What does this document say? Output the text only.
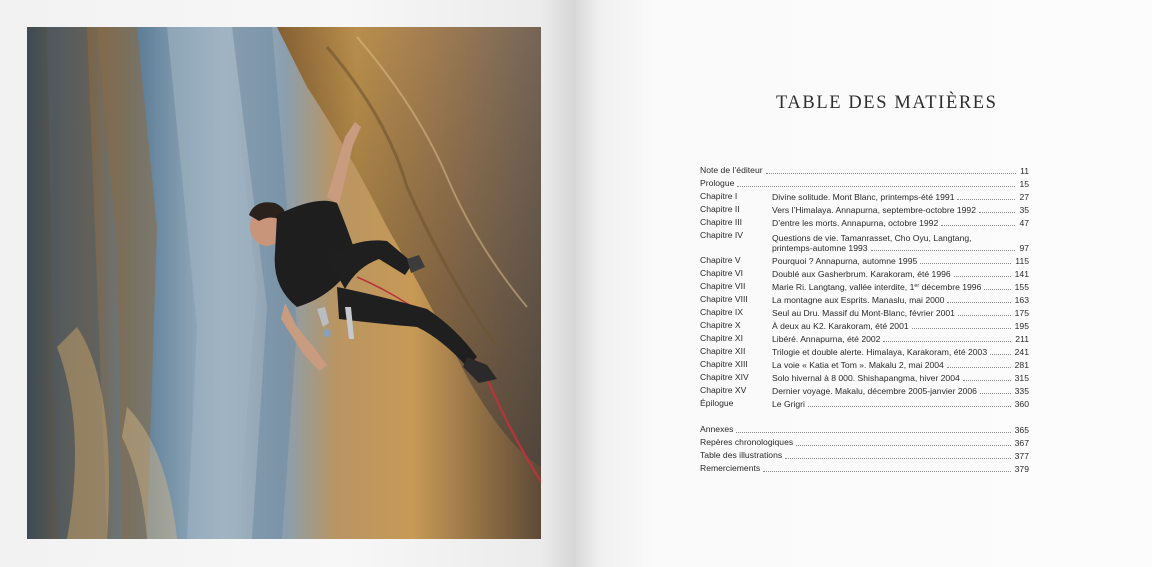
TABLE DES MATIÈRES
Note de l’éditeur	11
Prologue	15
Chapitre I	Divine solitude. Mont Blanc, printemps-été 1991	27
Chapitre II	Vers l’Himalaya. Annapurna, septembre-octobre 1992	35
Chapitre III	D’entre les morts. Annapurna, octobre 1992	47
Chapitre IV	Questions de vie. Tamanrasset, Cho Oyu, Langtang,
printemps-automne 1993	97
Chapitre V	Pourquoi ? Annapurna, automne 1995	115
Chapitre VI	Doublé aux Gasherbrum. Karakoram, été 1996	141
Chapitre VII	Marie Ri. Langtang, vallée interdite, 1er décembre 1996	155
Chapitre VIII	La montagne aux Esprits. Manaslu, mai 2000	163
Chapitre IX	Seul au Dru. Massif du Mont-Blanc, février 2001	175
Chapitre X	À deux au K2. Karakoram, été 2001	195
Chapitre XI	Libéré. Annapurna, été 2002	211
Chapitre XII	Trilogie et double alerte. Himalaya, Karakoram, été 2003	241
Chapitre XIII	La voie « Katia et Tom ». Makalu 2, mai 2004	281
Chapitre XIV	Solo hivernal à 8 000. Shishapangma, hiver 2004	315
Chapitre XV	Dernier voyage. Makalu, décembre 2005-janvier 2006	335
Épilogue	Le Grigri	360
Annexes	365
Repères chronologiques	367
Table des illustrations	377
Remerciements	379
